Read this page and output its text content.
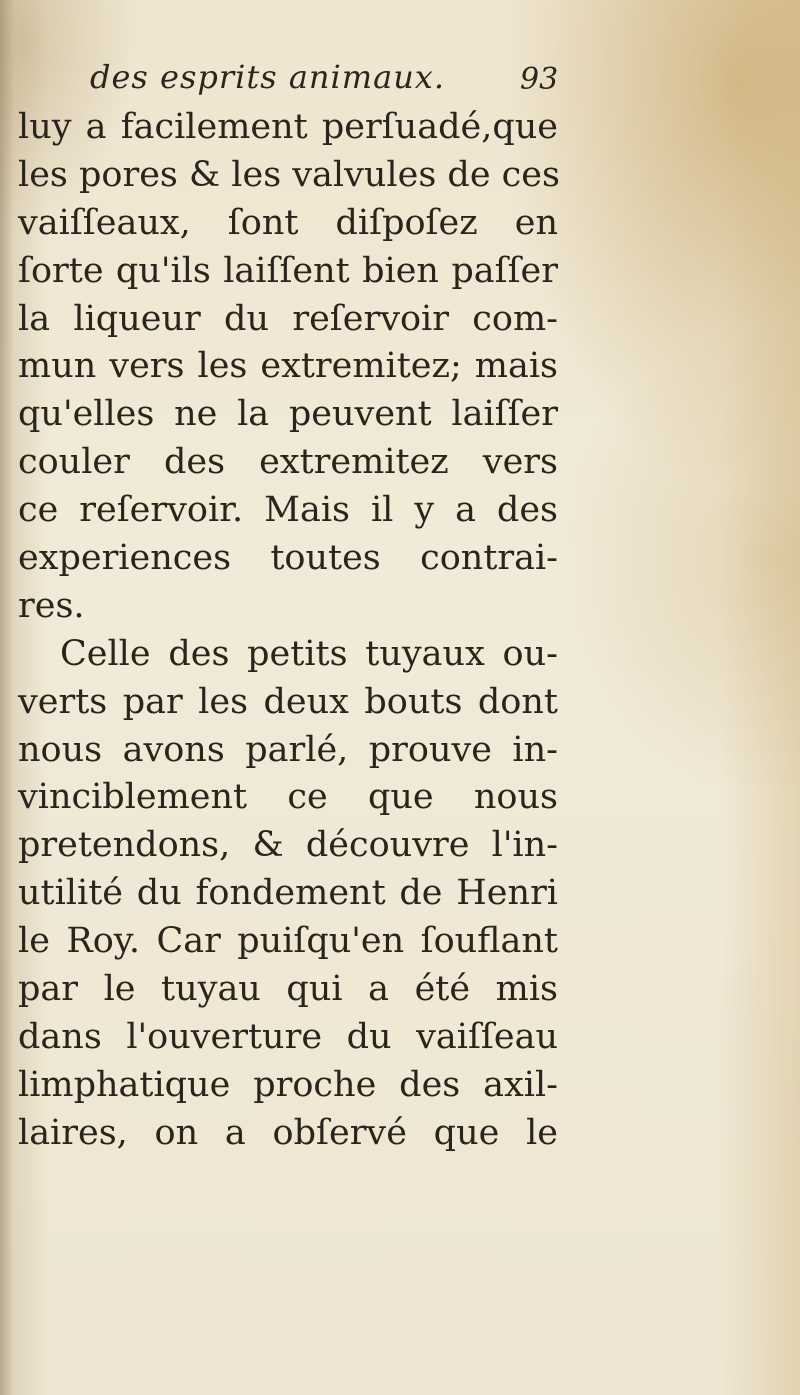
des esprits animaux.	93
luy a facilement perſuadé,que
les pores & les valvules de ces
vaiſſeaux, ſont diſpoſez en
ſorte qu'ils laiſſent bien paſſer
la liqueur du reſervoir com-
mun vers les extremitez; mais
qu'elles ne la peuvent laiſſer
couler des extremitez vers
ce reſervoir. Mais il y a des
experiences toutes contrai-
res.
Celle des petits tuyaux ou-
verts par les deux bouts dont
nous avons parlé, prouve in-
vinciblement ce que nous
pretendons, & découvre l'in-
utilité du fondement de Henri
le Roy. Car puiſqu'en ſouflant
par le tuyau qui a été mis
dans l'ouverture du vaiſſeau
limphatique proche des axil-
laires, on a obſervé que le
